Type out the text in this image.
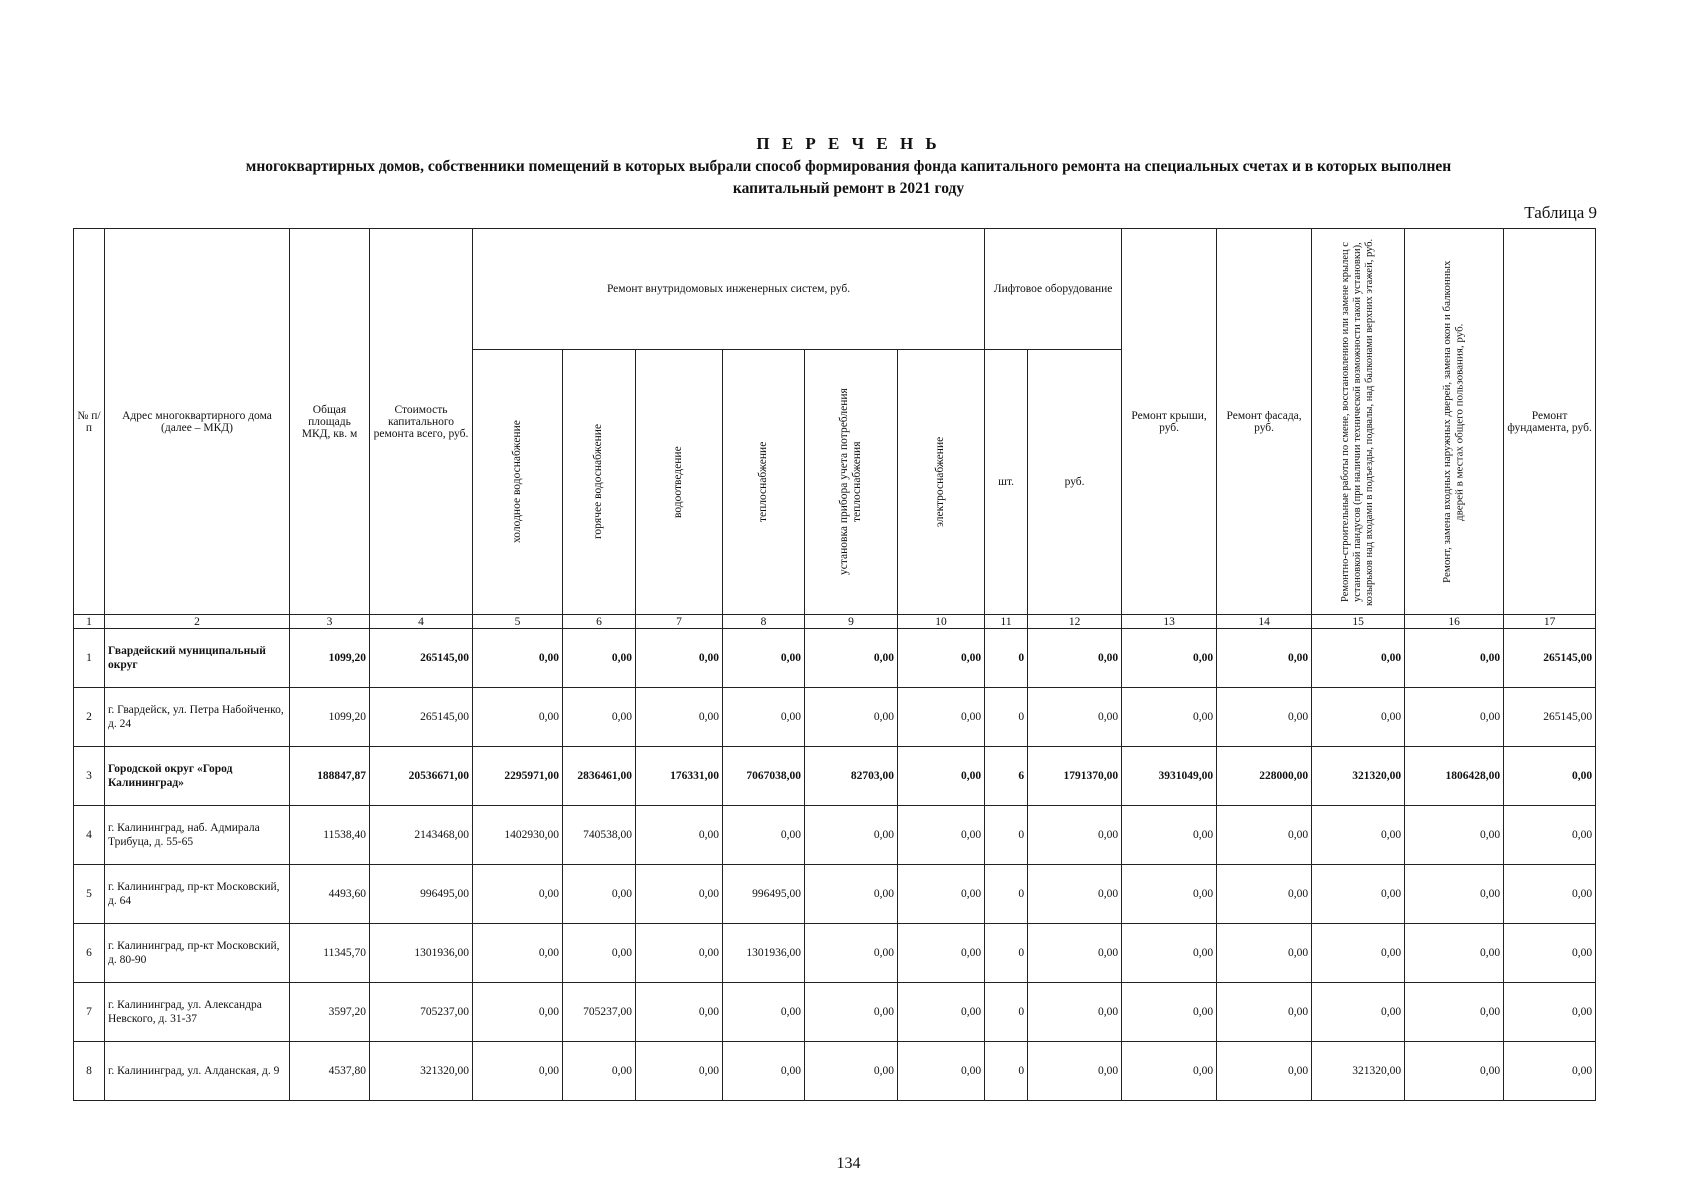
П Е Р Е Ч Е Н Ь
многоквартирных домов, собственники помещений в которых выбрали способ формирования фонда капитального ремонта на специальных счетах и в которых выполнен
капитальный ремонт в 2021 году
Таблица 9
№ п/п	Адрес многоквартирного дома (далее – МКД)	Общая площадь МКД, кв. м	Стоимость капитального ремонта всего, руб.	Ремонт внутридомовых инженерных систем, руб.						Лифтовое оборудование		Ремонт крыши, руб.	Ремонт фасада, руб.	Ремонтно-строительные работы по смене, восстановлению или замене крылец с установкой пандусов (при наличии технической возможности такой установки), козырьков над входами в подъезды, подвалы, над балконами верхних этажей, руб.	Ремонт, замена входных наружных дверей, замена окон и балконных дверей в местах общего пользования, руб.	Ремонт фундамента, руб.

				холодное водоснабжение	горячее водоснабжение	водоотведение	теплоснабжение	установка прибора учета потребления теплоснабжения	электроснабжение	шт.	руб.					
1	2	3	4	5	6	7	8	9	10	11	12	13	14	15	16	17
1	Гвардейский муниципальный округ	1099,20	265145,00	0,00	0,00	0,00	0,00	0,00	0,00	0	0,00	0,00	0,00	0,00	0,00	265145,00
2	г. Гвардейск, ул. Петра Набойченко, д. 24	1099,20	265145,00	0,00	0,00	0,00	0,00	0,00	0,00	0	0,00	0,00	0,00	0,00	0,00	265145,00
3	Городской округ «Город Калининград»	188847,87	20536671,00	2295971,00	2836461,00	176331,00	7067038,00	82703,00	0,00	6	1791370,00	3931049,00	228000,00	321320,00	1806428,00	0,00
4	г. Калининград, наб. Адмирала Трибуца, д. 55-65	11538,40	2143468,00	1402930,00	740538,00	0,00	0,00	0,00	0,00	0	0,00	0,00	0,00	0,00	0,00	0,00
5	г. Калининград, пр-кт Московский, д. 64	4493,60	996495,00	0,00	0,00	0,00	996495,00	0,00	0,00	0	0,00	0,00	0,00	0,00	0,00	0,00
6	г. Калининград, пр-кт Московский, д. 80-90	11345,70	1301936,00	0,00	0,00	0,00	1301936,00	0,00	0,00	0	0,00	0,00	0,00	0,00	0,00	0,00
7	г. Калининград, ул. Александра Невского, д. 31-37	3597,20	705237,00	0,00	705237,00	0,00	0,00	0,00	0,00	0	0,00	0,00	0,00	0,00	0,00	0,00
8	г. Калининград, ул. Алданская, д. 9	4537,80	321320,00	0,00	0,00	0,00	0,00	0,00	0,00	0	0,00	0,00	0,00	321320,00	0,00	0,00
134
